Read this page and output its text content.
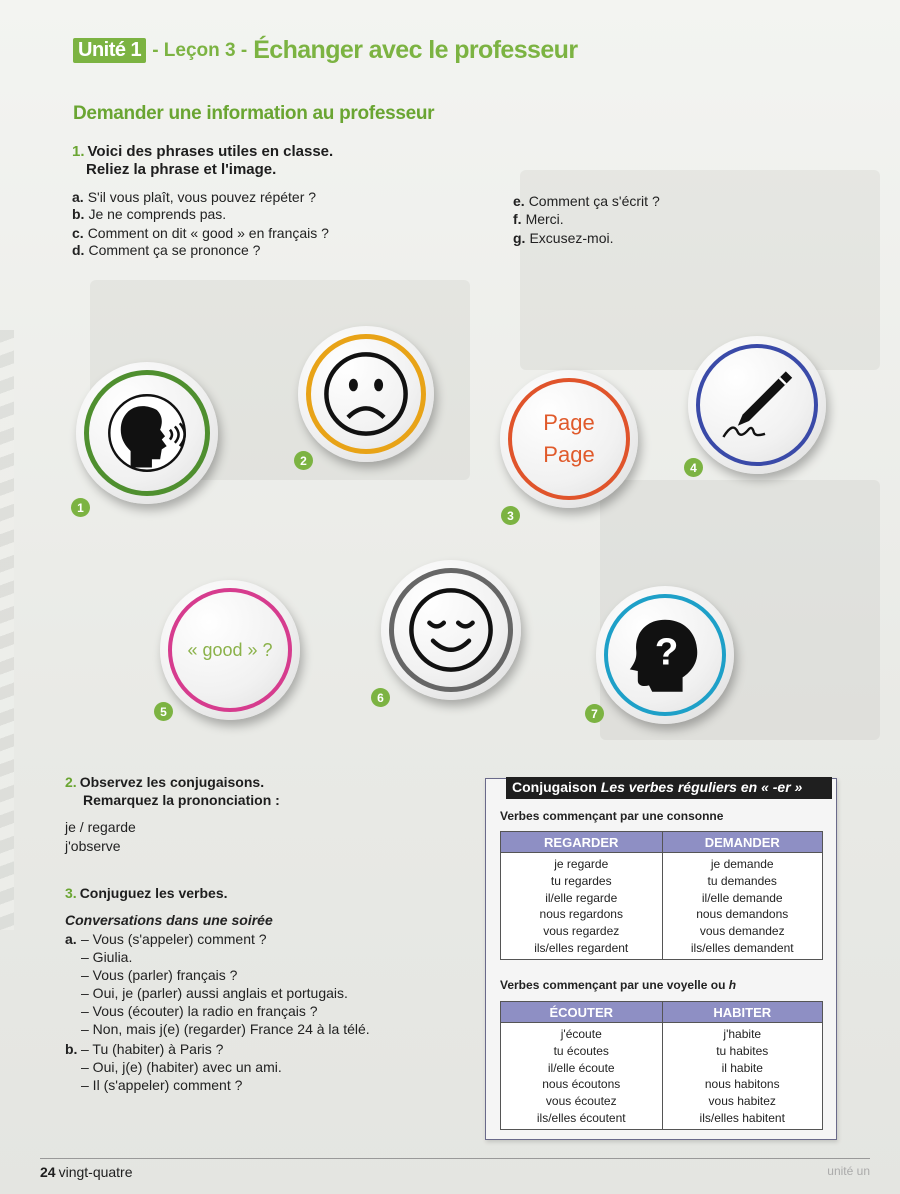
Unité 1 - Leçon 3 - Échanger avec le professeur
Demander une information au professeur
1. Voici des phrases utiles en classe.
Reliez la phrase et l'image.
a. S'il vous plaît, vous pouvez répéter ?
b. Je ne comprends pas.
c. Comment on dit « good » en français ?
d. Comment ça se prononce ?
e. Comment ça s'écrit ?
f. Merci.
g. Excusez-moi.
1
2
Page
Page
3
4
« good » ?
5
6
?
7
2. Observez les conjugaisons.
Remarquez la prononciation :
je / regarde
j'observe
3. Conjuguez les verbes.
Conversations dans une soirée
a. – Vous (s'appeler) comment ?
– Giulia.
– Vous (parler) français ?
– Oui, je (parler) aussi anglais et portugais.
– Vous (écouter) la radio en français ?
– Non, mais j(e) (regarder) France 24 à la télé.
b. – Tu (habiter) à Paris ?
– Oui, j(e) (habiter) avec un ami.
– Il (s'appeler) comment ?
Conjugaison Les verbes réguliers en « -er »
Verbes commençant par une consonne
REGARDER
je regarde
tu regardes
il/elle regarde
nous regardons
vous regardez
ils/elles regardent
DEMANDER
je demande
tu demandes
il/elle demande
nous demandons
vous demandez
ils/elles demandent
Verbes commençant par une voyelle ou h
ÉCOUTER
j'écoute
tu écoutes
il/elle écoute
nous écoutons
vous écoutez
ils/elles écoutent
HABITER
j'habite
tu habites
il habite
nous habitons
vous habitez
ils/elles habitent
24 vingt-quatre	unité un
